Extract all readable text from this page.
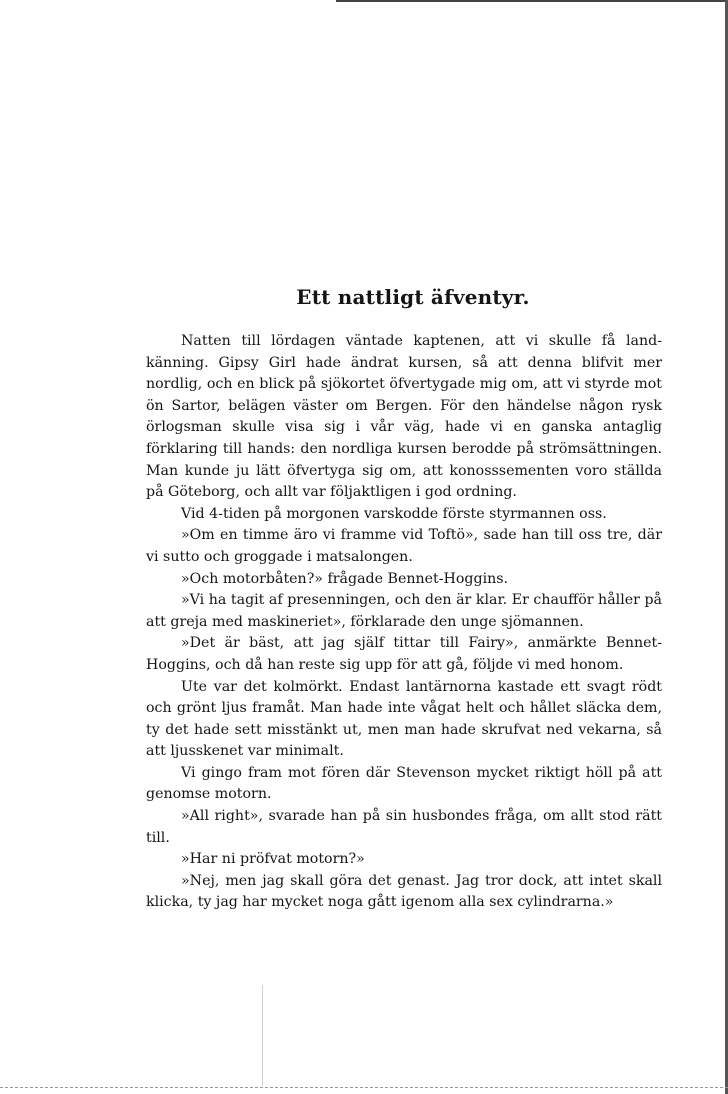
Ett nattligt äfventyr.

Natten till lördagen väntade kaptenen, att vi skulle få landkänning. Gipsy Girl hade ändrat kursen, så att denna blifvit mer nordlig, och en blick på sjökortet öfvertygade mig om, att vi styrde mot ön Sartor, belägen väster om Bergen. För den händelse någon rysk örlogsman skulle visa sig i vår väg, hade vi en ganska antaglig förklaring till hands: den nordliga kursen berodde på strömsättningen. Man kunde ju lätt öfvertyga sig om, att konosssementen voro ställda på Göteborg, och allt var följaktligen i god ordning.

Vid 4-tiden på morgonen varskodde förste styrmannen oss.

»Om en timme äro vi framme vid Toftö», sade han till oss tre, där vi sutto och groggade i matsalongen.

»Och motorbåten?» frågade Bennet-Hoggins.

»Vi ha tagit af presenningen, och den är klar. Er chaufför håller på att greja med maskineriet», förklarade den unge sjömannen.

»Det är bäst, att jag själf tittar till Fairy», anmärkte Bennet-Hoggins, och då han reste sig upp för att gå, följde vi med honom.

Ute var det kolmörkt. Endast lantärnorna kastade ett svagt rödt och grönt ljus framåt. Man hade inte vågat helt och hållet släcka dem, ty det hade sett misstänkt ut, men man hade skrufvat ned vekarna, så att ljusskenet var minimalt.

Vi gingo fram mot fören där Stevenson mycket riktigt höll på att genomse motorn.

»All right», svarade han på sin husbondes fråga, om allt stod rätt till.

»Har ni pröfvat motorn?»

»Nej, men jag skall göra det genast. Jag tror dock, att intet skall klicka, ty jag har mycket noga gått igenom alla sex cylindrarna.»
